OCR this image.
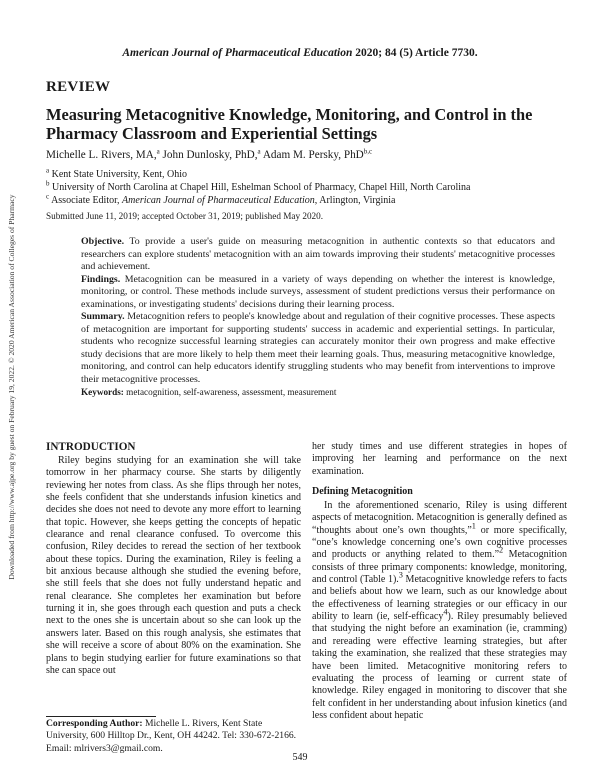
Downloaded from http://www.ajpe.org by guest on February 19, 2022. © 2020 American Association of Colleges of Pharmacy
American Journal of Pharmaceutical Education 2020; 84 (5) Article 7730.
REVIEW
Measuring Metacognitive Knowledge, Monitoring, and Control in the Pharmacy Classroom and Experiential Settings
Michelle L. Rivers, MA,$^a$ John Dunlosky, PhD,$^a$ Adam M. Persky, PhD$^{b,c}$
$^a$ Kent State University, Kent, Ohio
$^b$ University of North Carolina at Chapel Hill, Eshelman School of Pharmacy, Chapel Hill, North Carolina
$^c$ Associate Editor, American Journal of Pharmaceutical Education, Arlington, Virginia
Submitted June 11, 2019; accepted October 31, 2019; published May 2020.

Objective. To provide a user's guide on measuring metacognition in authentic contexts so that educators and researchers can explore students' metacognition with an aim towards improving their students' metacognitive processes and achievement.

Findings. Metacognition can be measured in a variety of ways depending on whether the interest is knowledge, monitoring, or control. These methods include surveys, assessment of student predictions versus their performance on examinations, or investigating students' decisions during their learning process.

Summary. Metacognition refers to people's knowledge about and regulation of their cognitive processes. These aspects of metacognition are important for supporting students' success in academic and experiential settings. In particular, students who recognize successful learning strategies can accurately monitor their own progress and make effective study decisions that are more likely to help them meet their learning goals. Thus, measuring metacognitive knowledge, monitoring, and control can help educators identify struggling students who may benefit from interventions to improve their metacognitive processes.

Keywords: metacognition, self-awareness, assessment, measurement

INTRODUCTION

Riley begins studying for an examination she will take tomorrow in her pharmacy course. She starts by diligently reviewing her notes from class. As she flips through her notes, she feels confident that she understands infusion kinetics and decides she does not need to devote any more effort to learning that topic. However, she keeps getting the concepts of hepatic clearance and renal clearance confused. To overcome this confusion, Riley decides to reread the section of her textbook about these topics. During the examination, Riley is feeling a bit anxious because although she studied the evening before, she still feels that she does not fully understand hepatic and renal clearance. She completes her examination but before turning it in, she goes through each question and puts a check next to the ones she is uncertain about so she can look up the answers later. Based on this rough analysis, she estimates that she will receive a score of about 80% on the examination. She plans to begin studying earlier for future examinations so that she can space out

her study times and use different strategies in hopes of improving her learning and performance on the next examination.

Defining Metacognition

In the aforementioned scenario, Riley is using different aspects of metacognition. Metacognition is generally defined as “thoughts about one’s own thoughts,”$^1$ or more specifically, “one’s knowledge concerning one’s own cognitive processes and products or anything related to them.”$^2$ Metacognition consists of three primary components: knowledge, monitoring, and control (Table 1).$^3$ Metacognitive knowledge refers to facts and beliefs about how we learn, such as our knowledge about the effectiveness of learning strategies or our efficacy in our ability to learn (ie, self-efficacy$^4$). Riley presumably believed that studying the night before an examination (ie, cramming) and rereading were effective learning strategies, but after taking the examination, she realized that these strategies may have been limited. Metacognitive monitoring refers to evaluating the process of learning or current state of knowledge. Riley engaged in monitoring to discover that she felt confident in her understanding about infusion kinetics (and less confident about hepatic

Corresponding Author: Michelle L. Rivers, Kent State University, 600 Hilltop Dr., Kent, OH 44242. Tel: 330-672-2166. Email: mlrivers3@gmail.com.
549
